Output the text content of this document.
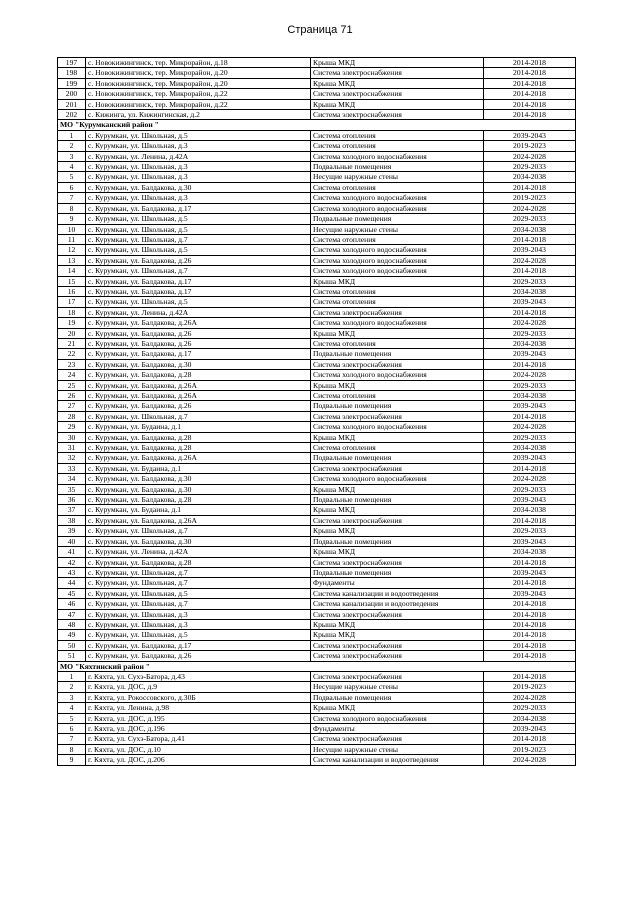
Страница 71
197	с. Новокижингинск, тер. Микрорайон, д.18	Крыша МКД	2014-2018
198	с. Новокижингинск, тер. Микрорайон, д.20	Система электроснабжения	2014-2018
199	с. Новокижингинск, тер. Микрорайон, д.20	Крыша МКД	2014-2018
200	с. Новокижингинск, тер. Микрорайон, д.22	Система электроснабжения	2014-2018
201	с. Новокижингинск, тер. Микрорайон, д.22	Крыша МКД	2014-2018
202	с. Кижинга, ул. Кижингинская, д.2	Система электроснабжения	2014-2018
МО "Курумканский район "			
1	с. Курумкан, ул. Школьная, д.5	Система отопления	2039-2043
2	с. Курумкан, ул. Школьная, д.3	Система отопления	2019-2023
3	с. Курумкан, ул. Ленина, д.42А	Система холодного водоснабжения	2024-2028
4	с. Курумкан, ул. Школьная, д.3	Подвальные помещения	2029-2033
5	с. Курумкан, ул. Школьная, д.3	Несущие наружные стены	2034-2038
6	с. Курумкан, ул. Балдакова, д.30	Система отопления	2014-2018
7	с. Курумкан, ул. Школьная, д.3	Система холодного водоснабжения	2019-2023
8	с. Курумкан, ул. Балдакова, д.17	Система холодного водоснабжения	2024-2028
9	с. Курумкан, ул. Школьная, д.5	Подвальные помещения	2029-2033
10	с. Курумкан, ул. Школьная, д.5	Несущие наружные стены	2034-2038
11	с. Курумкан, ул. Школьная, д.7	Система отопления	2014-2018
12	с. Курумкан, ул. Школьная, д.5	Система холодного водоснабжения	2039-2043
13	с. Курумкан, ул. Балдакова, д.26	Система холодного водоснабжения	2024-2028
14	с. Курумкан, ул. Школьная, д.7	Система холодного водоснабжения	2014-2018
15	с. Курумкан, ул. Балдакова, д.17	Крыша МКД	2029-2033
16	с. Курумкан, ул. Балдакова, д.17	Система отопления	2034-2038
17	с. Курумкан, ул. Школьная, д.5	Система отопления	2039-2043
18	с. Курумкан, ул. Ленина, д.42А	Система электроснабжения	2014-2018
19	с. Курумкан, ул. Балдакова, д.26А	Система холодного водоснабжения	2024-2028
20	с. Курумкан, ул. Балдакова, д.26	Крыша МКД	2029-2033
21	с. Курумкан, ул. Балдакова, д.26	Система отопления	2034-2038
22	с. Курумкан, ул. Балдакова, д.17	Подвальные помещения	2039-2043
23	с. Курумкан, ул. Балдакова, д.30	Система электроснабжения	2014-2018
24	с. Курумкан, ул. Балдакова, д.28	Система холодного водоснабжения	2024-2028
25	с. Курумкан, ул. Балдакова, д.26А	Крыша МКД	2029-2033
26	с. Курумкан, ул. Балдакова, д.26А	Система отопления	2034-2038
27	с. Курумкан, ул. Балдакова, д.26	Подвальные помещения	2039-2043
28	с. Курумкан, ул. Школьная, д.7	Система электроснабжения	2014-2018
29	с. Курумкан, ул. Будаина, д.1	Система холодного водоснабжения	2024-2028
30	с. Курумкан, ул. Балдакова, д.28	Крыша МКД	2029-2033
31	с. Курумкан, ул. Балдакова, д.28	Система отопления	2034-2038
32	с. Курумкан, ул. Балдакова, д.26А	Подвальные помещения	2039-2043
33	с. Курумкан, ул. Будаина, д.1	Система электроснабжения	2014-2018
34	с. Курумкан, ул. Балдакова, д.30	Система холодного водоснабжения	2024-2028
35	с. Курумкан, ул. Балдакова, д.30	Крыша МКД	2029-2033
36	с. Курумкан, ул. Балдакова, д.28	Подвальные помещения	2039-2043
37	с. Курумкан, ул. Будаина, д.1	Крыша МКД	2034-2038
38	с. Курумкан, ул. Балдакова, д.26А	Система электроснабжения	2014-2018
39	с. Курумкан, ул. Школьная, д.7	Крыша МКД	2029-2033
40	с. Курумкан, ул. Балдакова, д.30	Подвальные помещения	2039-2043
41	с. Курумкан, ул. Ленина, д.42А	Крыша МКД	2034-2038
42	с. Курумкан, ул. Балдакова, д.28	Система электроснабжения	2014-2018
43	с. Курумкан, ул. Школьная, д.7	Подвальные помещения	2039-2043
44	с. Курумкан, ул. Школьная, д.7	Фундаменты	2014-2018
45	с. Курумкан, ул. Школьная, д.5	Система канализации и водоотведения	2039-2043
46	с. Курумкан, ул. Школьная, д.7	Система канализации и водоотведения	2014-2018
47	с. Курумкан, ул. Школьная, д.3	Система электроснабжения	2014-2018
48	с. Курумкан, ул. Школьная, д.3	Крыша МКД	2014-2018
49	с. Курумкан, ул. Школьная, д.5	Крыша МКД	2014-2018
50	с. Курумкан, ул. Балдакова, д.17	Система электроснабжения	2014-2018
51	с. Курумкан, ул. Балдакова, д.26	Система электроснабжения	2014-2018
МО "Кяхтинский район "			
1	г. Кяхта, ул. Сухэ-Батора, д.43	Система электроснабжения	2014-2018
2	г. Кяхта, ул. ДОС, д.9	Несущие наружные стены	2019-2023
3	г. Кяхта, ул. Рокоссовского, д.30Б	Подвальные помещения	2024-2028
4	г. Кяхта, ул. Ленина, д.98	Крыша МКД	2029-2033
5	г. Кяхта, ул. ДОС, д.195	Система холодного водоснабжения	2034-2038
6	г. Кяхта, ул. ДОС, д.196	Фундаменты	2039-2043
7	г. Кяхта, ул. Сухэ-Батора, д.41	Система электроснабжения	2014-2018
8	г. Кяхта, ул. ДОС, д.10	Несущие наружные стены	2019-2023
9	г. Кяхта, ул. ДОС, д.206	Система канализации и водоотведения	2024-2028
